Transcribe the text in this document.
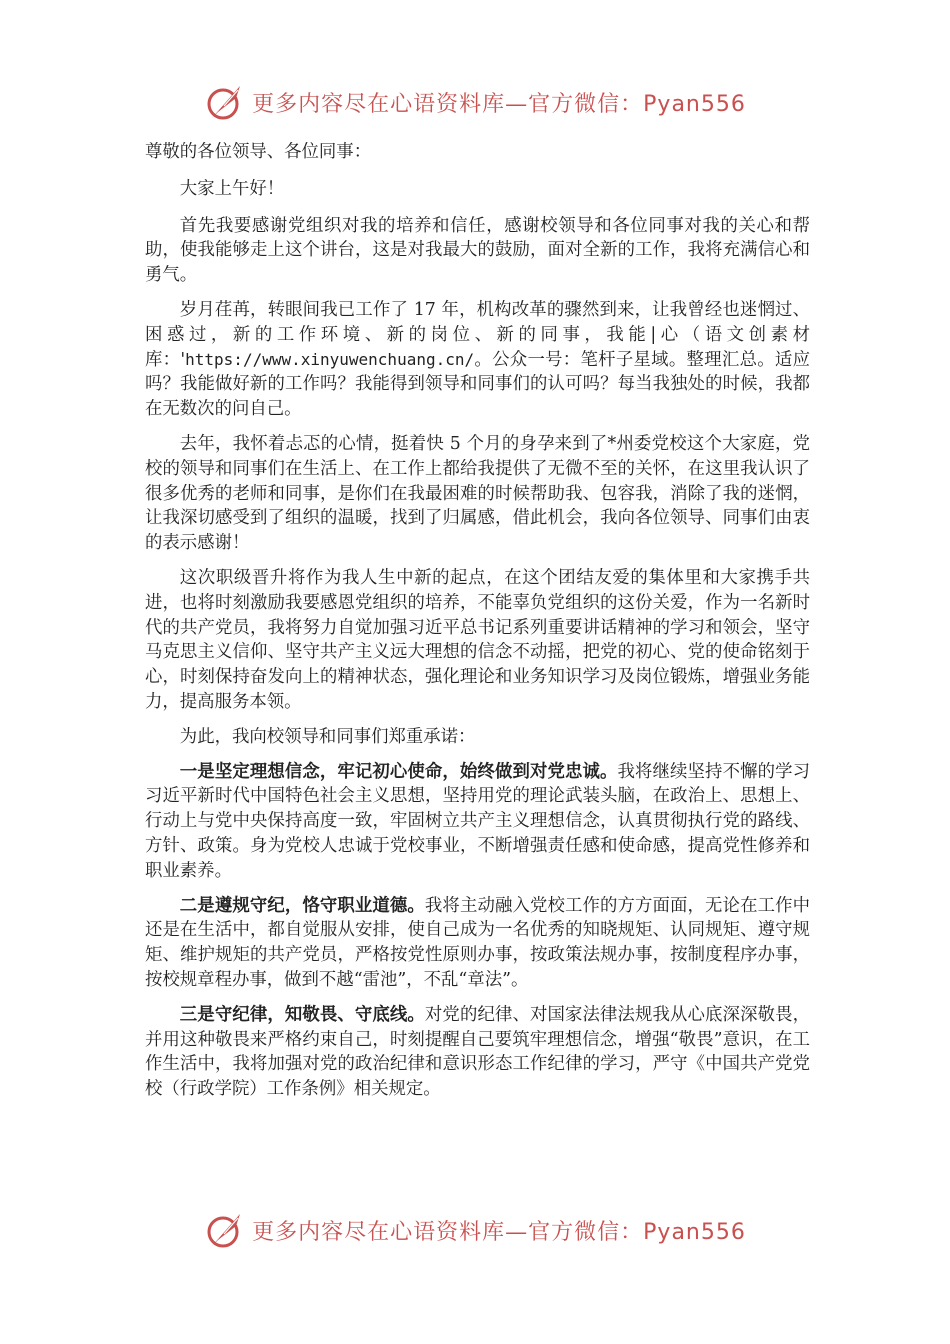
更多内容尽在心语资料库—官方微信：Pyan556

尊敬的各位领导、各位同事：

大家上午好！

首先我要感谢党组织对我的培养和信任，感谢校领导和各位同事对我的关心和帮助，使我能够走上这个讲台，这是对我最大的鼓励，面对全新的工作，我将充满信心和勇气。

岁月荏苒，转眼间我已工作了 17 年，机构改革的骤然到来，让我曾经也迷惘过、困惑过，新的工作环境、新的岗位、新的同事，我能|心（语文创素材库：'https://www.xinyuwenchuang.cn/。公众一号：笔杆子星域。整理汇总。适应吗？我能做好新的工作吗？我能得到领导和同事们的认可吗？每当我独处的时候，我都在无数次的问自己。

去年，我怀着忐忑的心情，挺着快 5 个月的身孕来到了*州委党校这个大家庭，党校的领导和同事们在生活上、在工作上都给我提供了无微不至的关怀，在这里我认识了很多优秀的老师和同事，是你们在我最困难的时候帮助我、包容我，消除了我的迷惘，让我深切感受到了组织的温暖，找到了归属感，借此机会，我向各位领导、同事们由衷的表示感谢！

这次职级晋升将作为我人生中新的起点，在这个团结友爱的集体里和大家携手共进，也将时刻激励我要感恩党组织的培养，不能辜负党组织的这份关爱，作为一名新时代的共产党员，我将努力自觉加强习近平总书记系列重要讲话精神的学习和领会，坚守马克思主义信仰、坚守共产主义远大理想的信念不动摇，把党的初心、党的使命铭刻于心，时刻保持奋发向上的精神状态，强化理论和业务知识学习及岗位锻炼，增强业务能力，提高服务本领。

为此，我向校领导和同事们郑重承诺：

一是坚定理想信念，牢记初心使命，始终做到对党忠诚。我将继续坚持不懈的学习习近平新时代中国特色社会主义思想，坚持用党的理论武装头脑，在政治上、思想上、行动上与党中央保持高度一致，牢固树立共产主义理想信念，认真贯彻执行党的路线、方针、政策。身为党校人忠诚于党校事业，不断增强责任感和使命感，提高党性修养和职业素养。

二是遵规守纪，恪守职业道德。我将主动融入党校工作的方方面面，无论在工作中还是在生活中，都自觉服从安排，使自己成为一名优秀的知晓规矩、认同规矩、遵守规矩、维护规矩的共产党员，严格按党性原则办事，按政策法规办事，按制度程序办事，按校规章程办事，做到不越“雷池”，不乱“章法”。

三是守纪律，知敬畏、守底线。对党的纪律、对国家法律法规我从心底深深敬畏，并用这种敬畏来严格约束自己，时刻提醒自己要筑牢理想信念，增强“敬畏”意识，在工作生活中，我将加强对党的政治纪律和意识形态工作纪律的学习，严守《中国共产党党校（行政学院）工作条例》相关规定。

更多内容尽在心语资料库—官方微信：Pyan556
